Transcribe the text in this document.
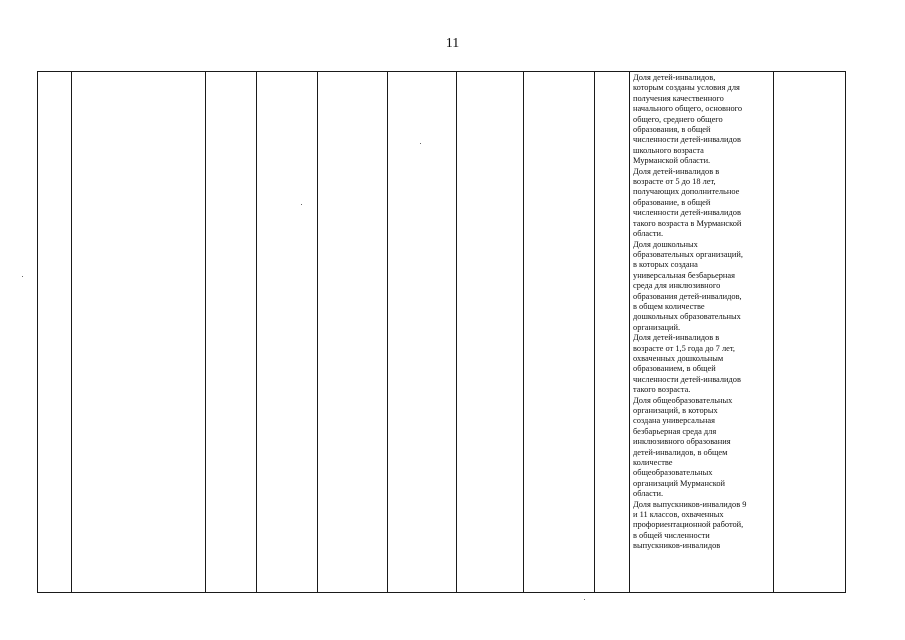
11

Доля детей-инвалидов,
которым созданы условия для
получения качественного
начального общего, основного
общего, среднего общего
образования, в общей
численности детей-инвалидов
школьного возраста
Мурманской области.
Доля детей-инвалидов в
возрасте от 5 до 18 лет,
получающих дополнительное
образование, в общей
численности детей-инвалидов
такого возраста в Мурманской
области.
Доля дошкольных
образовательных организаций,
в которых создана
универсальная безбарьерная
среда для инклюзивного
образования детей-инвалидов,
в общем количестве
дошкольных образовательных
организаций.
Доля детей-инвалидов в
возрасте от 1,5 года до 7 лет,
охваченных дошкольным
образованием, в общей
численности детей-инвалидов
такого возраста.
Доля общеобразовательных
организаций, в которых
создана универсальная
безбарьерная среда для
инклюзивного образования
детей-инвалидов, в общем
количестве
общеобразовательных
организаций Мурманской
области.
Доля выпускников-инвалидов 9
и 11 классов, охваченных
профориентационной работой,
в общей численности
выпускников-инвалидов
